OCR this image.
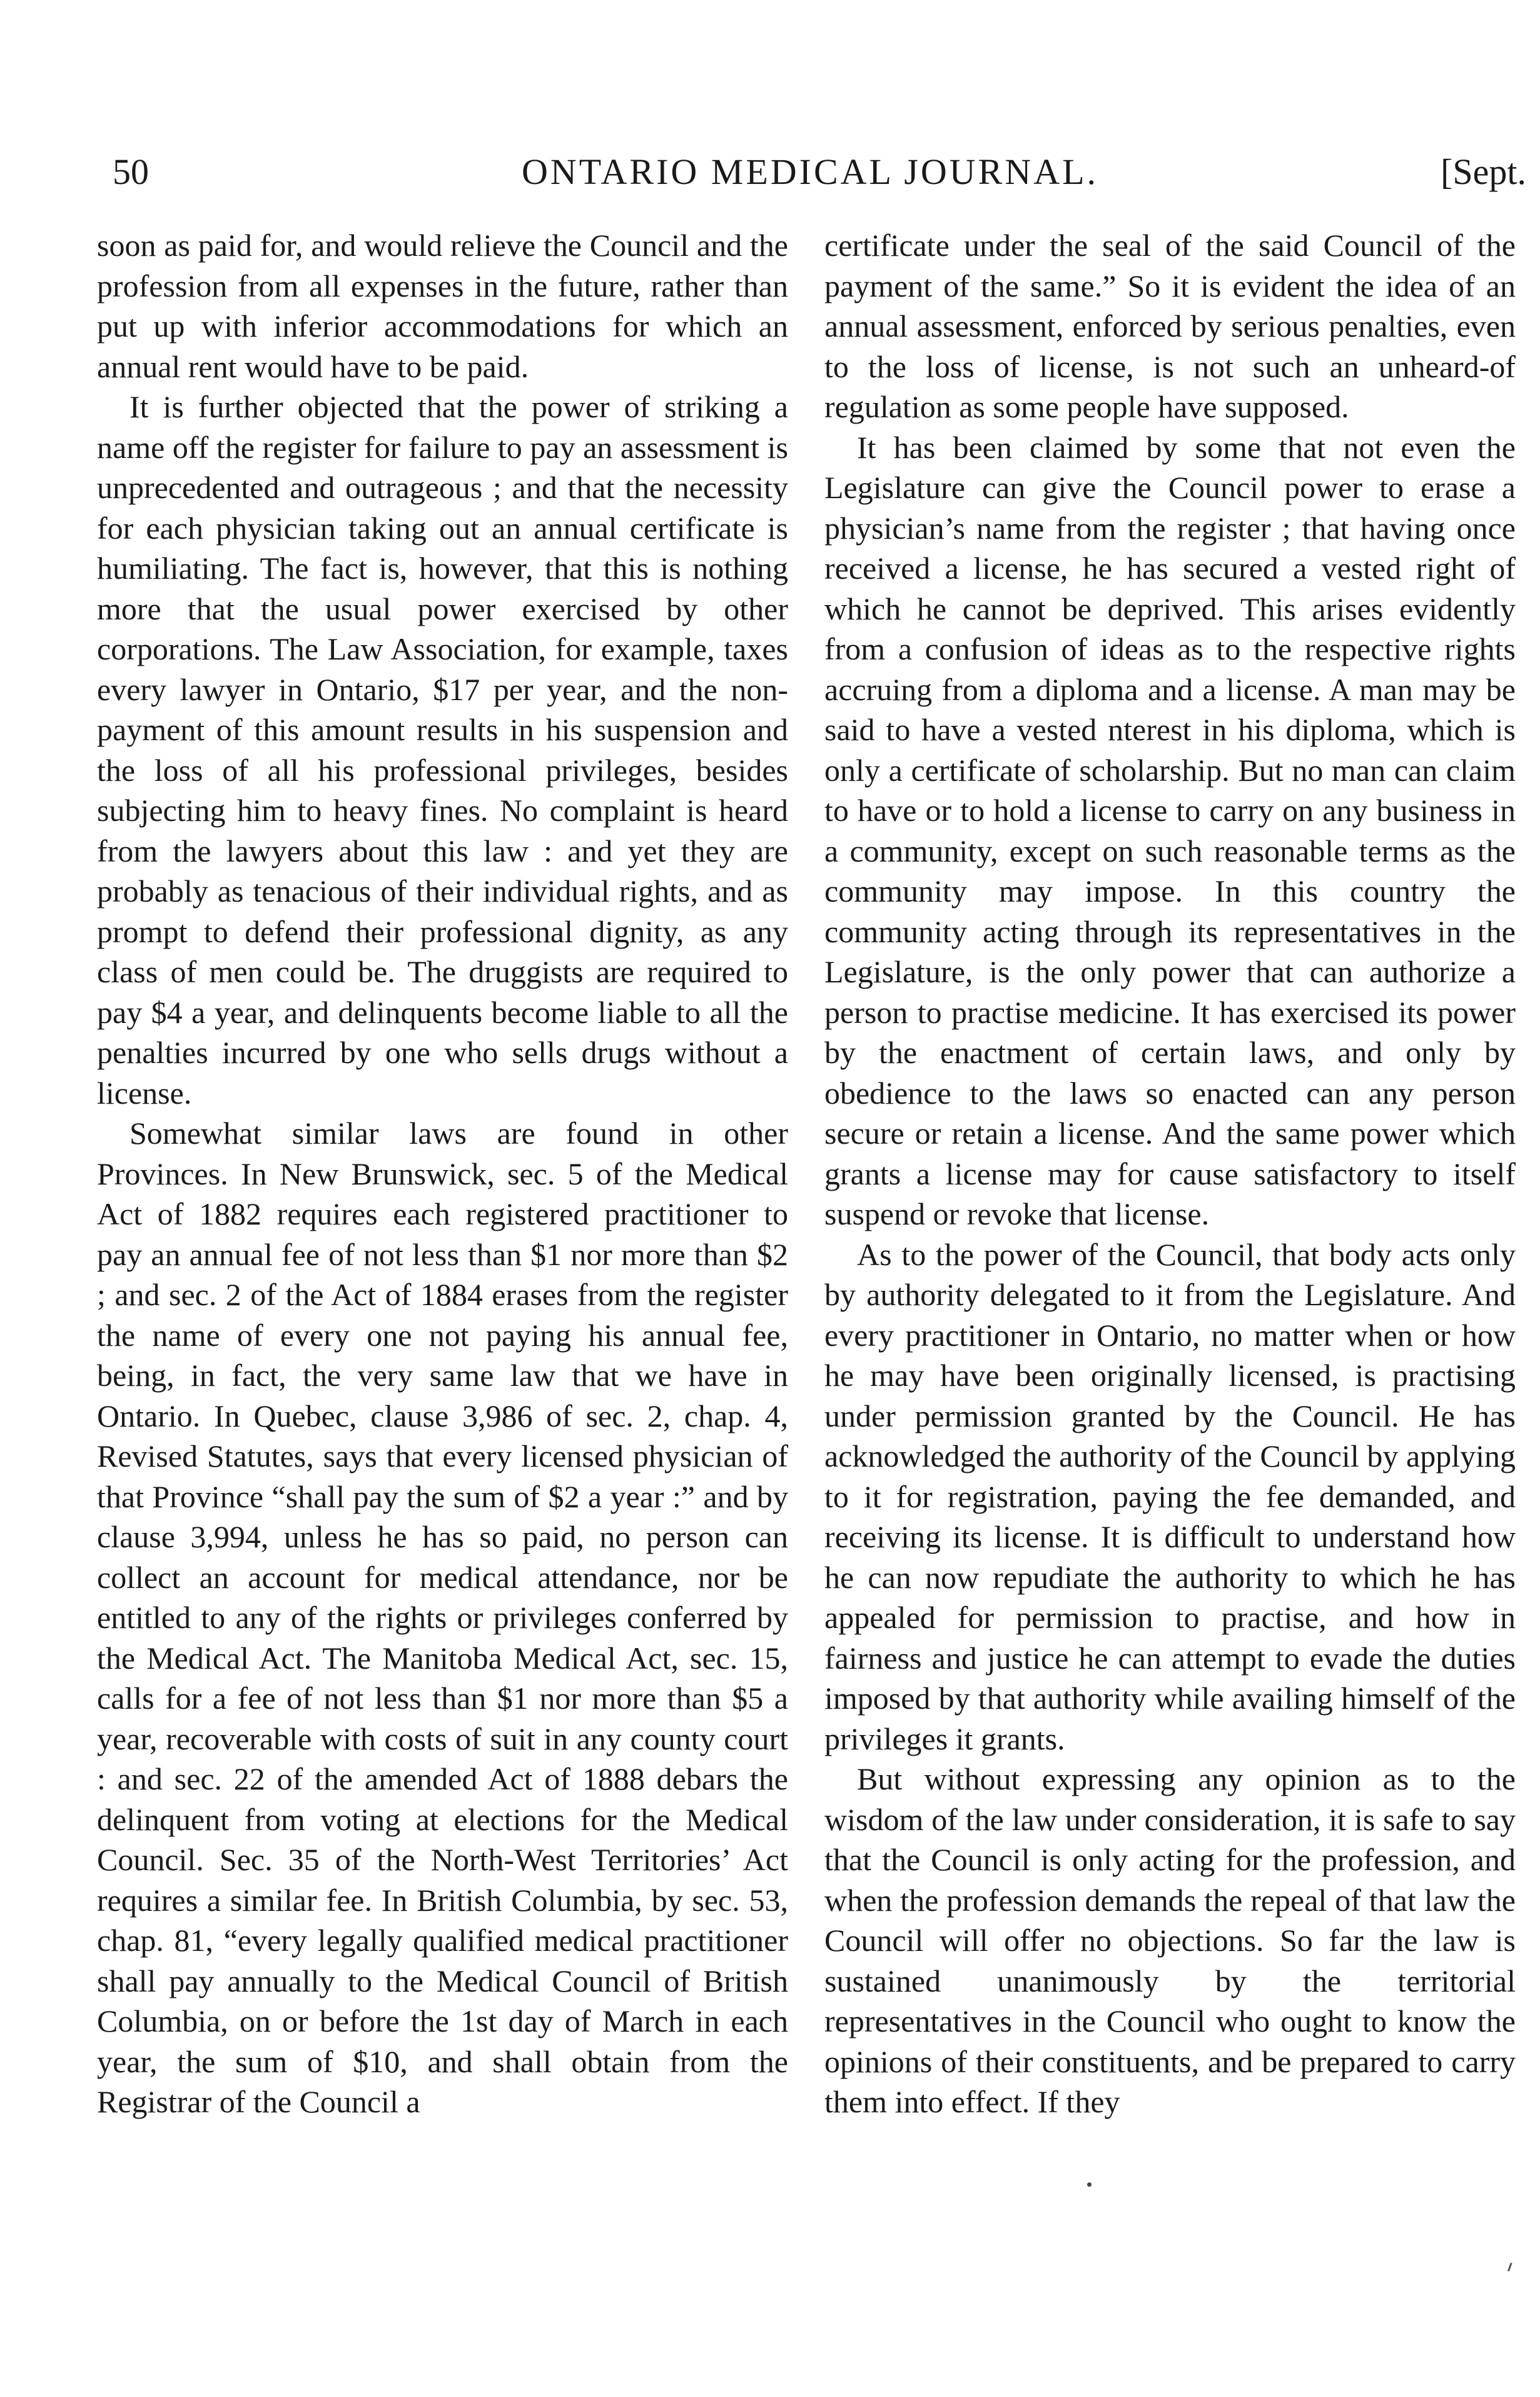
50	ONTARIO MEDICAL JOURNAL.	[Sept.

soon as paid for, and would relieve the Council and the profession from all expenses in the future, rather than put up with inferior accommodations for which an annual rent would have to be paid.

It is further objected that the power of striking a name off the register for failure to pay an assessment is unprecedented and outrageous ; and that the necessity for each physician taking out an annual certificate is humiliating. The fact is, however, that this is nothing more that the usual power exercised by other corporations. The Law Association, for example, taxes every lawyer in Ontario, $17 per year, and the non-payment of this amount results in his suspension and the loss of all his professional privileges, besides subjecting him to heavy fines. No complaint is heard from the lawyers about this law : and yet they are probably as tenacious of their individual rights, and as prompt to defend their professional dignity, as any class of men could be. The druggists are required to pay $4 a year, and delinquents become liable to all the penalties incurred by one who sells drugs without a license.

Somewhat similar laws are found in other Provinces. In New Brunswick, sec. 5 of the Medical Act of 1882 requires each registered practitioner to pay an annual fee of not less than $1 nor more than $2 ; and sec. 2 of the Act of 1884 erases from the register the name of every one not paying his annual fee, being, in fact, the very same law that we have in Ontario. In Quebec, clause 3,986 of sec. 2, chap. 4, Revised Statutes, says that every licensed physician of that Province “shall pay the sum of $2 a year :” and by clause 3,994, unless he has so paid, no person can collect an account for medical attendance, nor be entitled to any of the rights or privileges conferred by the Medical Act. The Manitoba Medical Act, sec. 15, calls for a fee of not less than $1 nor more than $5 a year, recoverable with costs of suit in any county court : and sec. 22 of the amended Act of 1888 debars the delinquent from voting at elections for the Medical Council. Sec. 35 of the North-West Territories’ Act requires a similar fee. In British Columbia, by sec. 53, chap. 81, “every legally qualified medical practitioner shall pay annually to the Medical Council of British Columbia, on or before the 1st day of March in each year, the sum of $10, and shall obtain from the Registrar of the Council a

certificate under the seal of the said Council of the payment of the same.” So it is evident the idea of an annual assessment, enforced by serious penalties, even to the loss of license, is not such an unheard-of regulation as some people have supposed.

It has been claimed by some that not even the Legislature can give the Council power to erase a physician’s name from the register ; that having once received a license, he has secured a vested right of which he cannot be deprived. This arises evidently from a confusion of ideas as to the respective rights accruing from a diploma and a license. A man may be said to have a vested nterest in his diploma, which is only a certificate of scholarship. But no man can claim to have or to hold a license to carry on any business in a community, except on such reasonable terms as the community may impose. In this country the community acting through its representatives in the Legislature, is the only power that can authorize a person to practise medicine. It has exercised its power by the enactment of certain laws, and only by obedience to the laws so enacted can any person secure or retain a license. And the same power which grants a license may for cause satisfactory to itself suspend or revoke that license.

As to the power of the Council, that body acts only by authority delegated to it from the Legislature. And every practitioner in Ontario, no matter when or how he may have been originally licensed, is practising under permission granted by the Council. He has acknowledged the authority of the Council by applying to it for registration, paying the fee demanded, and receiving its license. It is difficult to understand how he can now repudiate the authority to which he has appealed for permission to practise, and how in fairness and justice he can attempt to evade the duties imposed by that authority while availing himself of the privileges it grants.

But without expressing any opinion as to the wisdom of the law under consideration, it is safe to say that the Council is only acting for the profession, and when the profession demands the repeal of that law the Council will offer no objections. So far the law is sustained unanimously by the territorial representatives in the Council who ought to know the opinions of their constituents, and be prepared to carry them into effect. If they
